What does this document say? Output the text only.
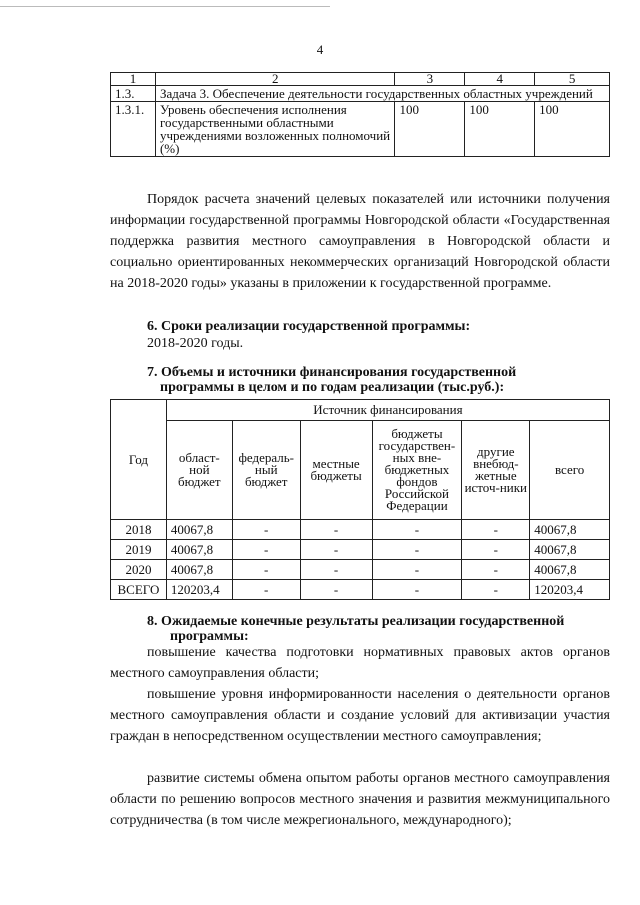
4
1	2	3	4	5
1.3.	Задача 3. Обеспечение деятельности государственных областных учреждений			
1.3.1.	Уровень обеспечения исполнения государственными областными учреждениями возложенных полномочий (%)	100	100	100
Порядок расчета значений целевых показателей или источники получения информации государственной программы Новгородской области «Государственная поддержка развития местного самоуправления в Новгородской области и социально ориентированных некоммерческих организаций Новгородской области на 2018-2020 годы» указаны в приложении к государственной программе.
6. Сроки реализации государственной программы:
2018-2020 годы.
7. Объемы и источники финансирования государственной
программы в целом и по годам реализации (тыс.руб.):
Год	Источник финансирования					
	област-ной бюджет	федераль-ный бюджет	местные бюджеты	бюджеты государствен-ных вне-бюджетных фондов Российской Федерации	другие внебюд-жетные источ-ники	всего
2018	40067,8	-	-	-	-	40067,8
2019	40067,8	-	-	-	-	40067,8
2020	40067,8	-	-	-	-	40067,8
ВСЕГО	120203,4	-	-	-	-	120203,4
8. Ожидаемые конечные результаты реализации государственной
программы:
повышение качества подготовки нормативных правовых актов органов местного самоуправления области;
повышение уровня информированности населения о деятельности органов местного самоуправления области и создание условий для активизации участия граждан в непосредственном осуществлении местного самоуправления;
развитие системы обмена опытом работы органов местного самоуправления области по решению вопросов местного значения и развития межмуниципального сотрудничества (в том числе межрегионального, международного);
